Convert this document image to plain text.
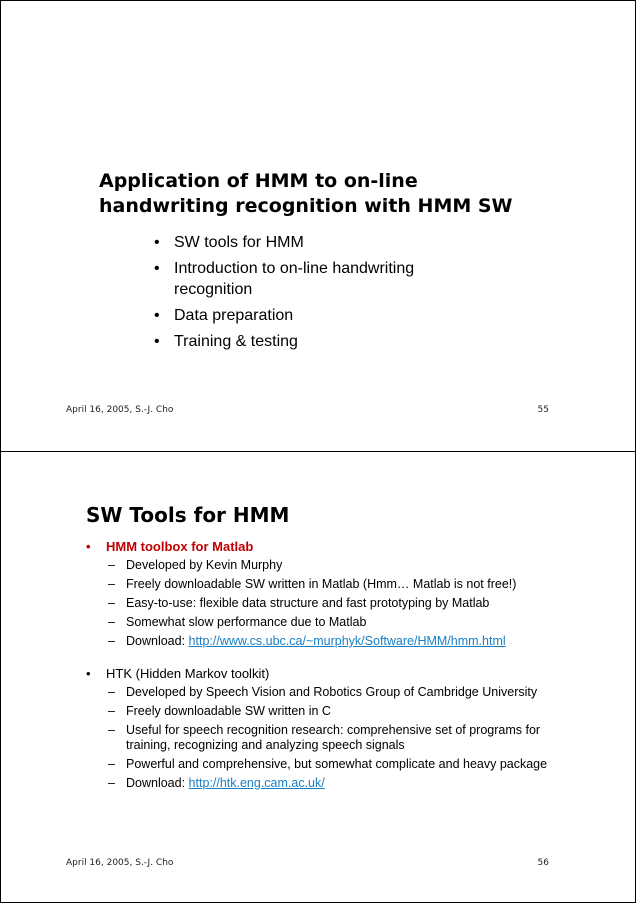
Application of HMM to on-line
handwriting recognition with HMM SW
• SW tools for HMM
• Introduction to on-line handwriting recognition
• Data preparation
• Training & testing
April 16, 2005, S.-J. Cho	55
SW Tools for HMM

• HMM toolbox for Matlab

– Developed by Kevin Murphy
– Freely downloadable SW written in Matlab (Hmm… Matlab is not free!)
– Easy-to-use: flexible data structure and fast prototyping by Matlab
– Somewhat slow performance due to Matlab
– Download: http://www.cs.ubc.ca/~murphyk/Software/HMM/hmm.html

• HTK (Hidden Markov toolkit)

– Developed by Speech Vision and Robotics Group of Cambridge University
– Freely downloadable SW written in C
– Useful for speech recognition research: comprehensive set of programs for training, recognizing and analyzing speech signals
– Powerful and comprehensive, but somewhat complicate and heavy package
– Download: http://htk.eng.cam.ac.uk/
April 16, 2005, S.-J. Cho	56
